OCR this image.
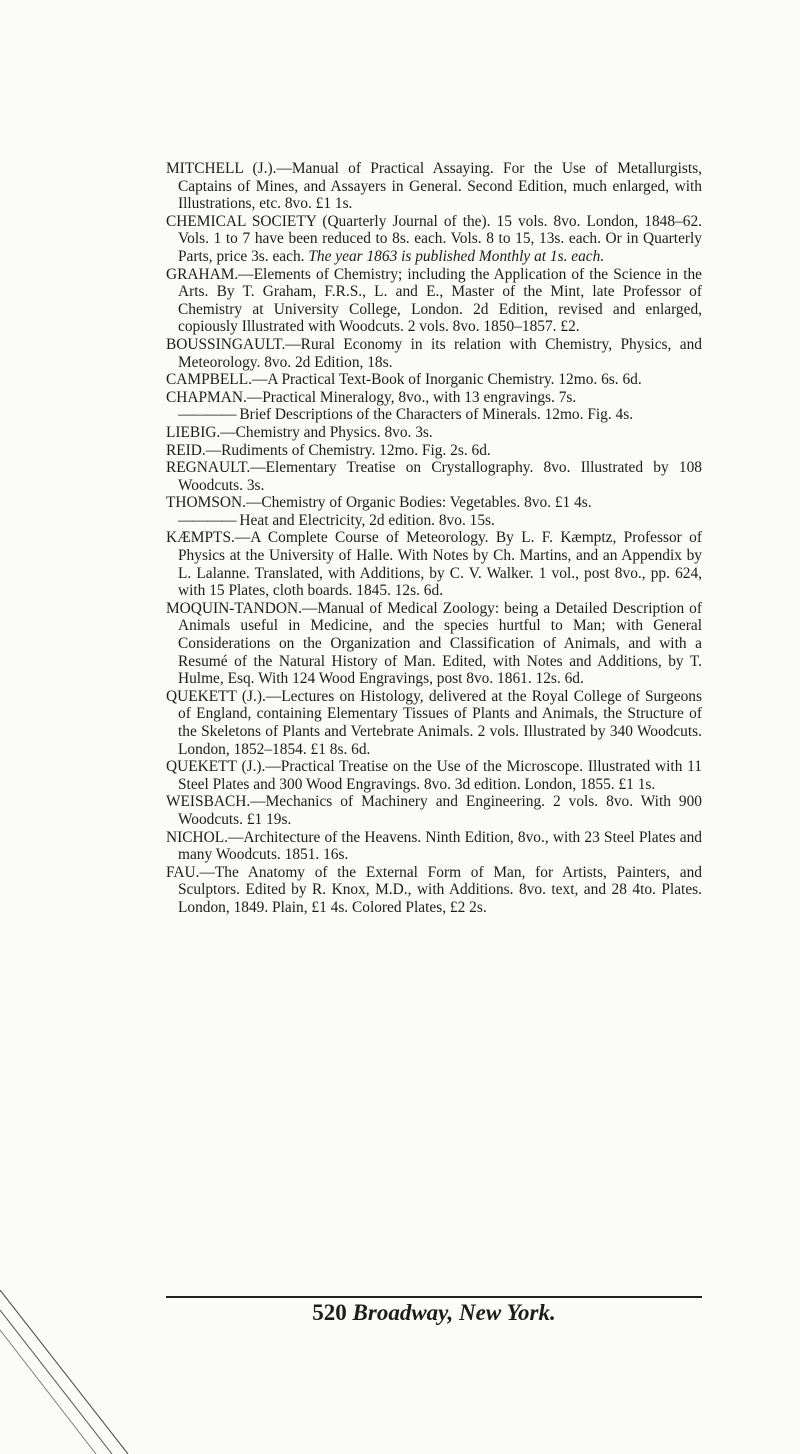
MITCHELL (J.).—Manual of Practical Assaying. For the Use of Metallurgists, Captains of Mines, and Assayers in General. Second Edition, much enlarged, with Illustrations, etc. 8vo. £1 1s.

CHEMICAL SOCIETY (Quarterly Journal of the). 15 vols. 8vo. London, 1848–62. Vols. 1 to 7 have been reduced to 8s. each. Vols. 8 to 15, 13s. each. Or in Quarterly Parts, price 3s. each. The year 1863 is published Monthly at 1s. each.

GRAHAM.—Elements of Chemistry; including the Application of the Science in the Arts. By T. Graham, F.R.S., L. and E., Master of the Mint, late Professor of Chemistry at University College, London. 2d Edition, revised and enlarged, copiously Illustrated with Woodcuts. 2 vols. 8vo. 1850–1857. £2.

BOUSSINGAULT.—Rural Economy in its relation with Chemistry, Physics, and Meteorology. 8vo. 2d Edition, 18s.

CAMPBELL.—A Practical Text-Book of Inorganic Chemistry. 12mo. 6s. 6d.

CHAPMAN.—Practical Mineralogy, 8vo., with 13 engravings. 7s.

———— Brief Descriptions of the Characters of Minerals. 12mo. Fig. 4s.

LIEBIG.—Chemistry and Physics. 8vo. 3s.

REID.—Rudiments of Chemistry. 12mo. Fig. 2s. 6d.

REGNAULT.—Elementary Treatise on Crystallography. 8vo. Illustrated by 108 Woodcuts. 3s.

THOMSON.—Chemistry of Organic Bodies: Vegetables. 8vo. £1 4s.

———— Heat and Electricity, 2d edition. 8vo. 15s.

KÆMPTS.—A Complete Course of Meteorology. By L. F. Kæmptz, Professor of Physics at the University of Halle. With Notes by Ch. Martins, and an Appendix by L. Lalanne. Translated, with Additions, by C. V. Walker. 1 vol., post 8vo., pp. 624, with 15 Plates, cloth boards. 1845. 12s. 6d.

MOQUIN-TANDON.—Manual of Medical Zoology: being a Detailed Description of Animals useful in Medicine, and the species hurtful to Man; with General Considerations on the Organization and Classification of Animals, and with a Resumé of the Natural History of Man. Edited, with Notes and Additions, by T. Hulme, Esq. With 124 Wood Engravings, post 8vo. 1861. 12s. 6d.

QUEKETT (J.).—Lectures on Histology, delivered at the Royal College of Surgeons of England, containing Elementary Tissues of Plants and Animals, the Structure of the Skeletons of Plants and Vertebrate Animals. 2 vols. Illustrated by 340 Woodcuts. London, 1852–1854. £1 8s. 6d.

QUEKETT (J.).—Practical Treatise on the Use of the Microscope. Illustrated with 11 Steel Plates and 300 Wood Engravings. 8vo. 3d edition. London, 1855. £1 1s.

WEISBACH.—Mechanics of Machinery and Engineering. 2 vols. 8vo. With 900 Woodcuts. £1 19s.

NICHOL.—Architecture of the Heavens. Ninth Edition, 8vo., with 23 Steel Plates and many Woodcuts. 1851. 16s.

FAU.—The Anatomy of the External Form of Man, for Artists, Painters, and Sculptors. Edited by R. Knox, M.D., with Additions. 8vo. text, and 28 4to. Plates. London, 1849. Plain, £1 4s. Colored Plates, £2 2s.

520 Broadway, New York.
